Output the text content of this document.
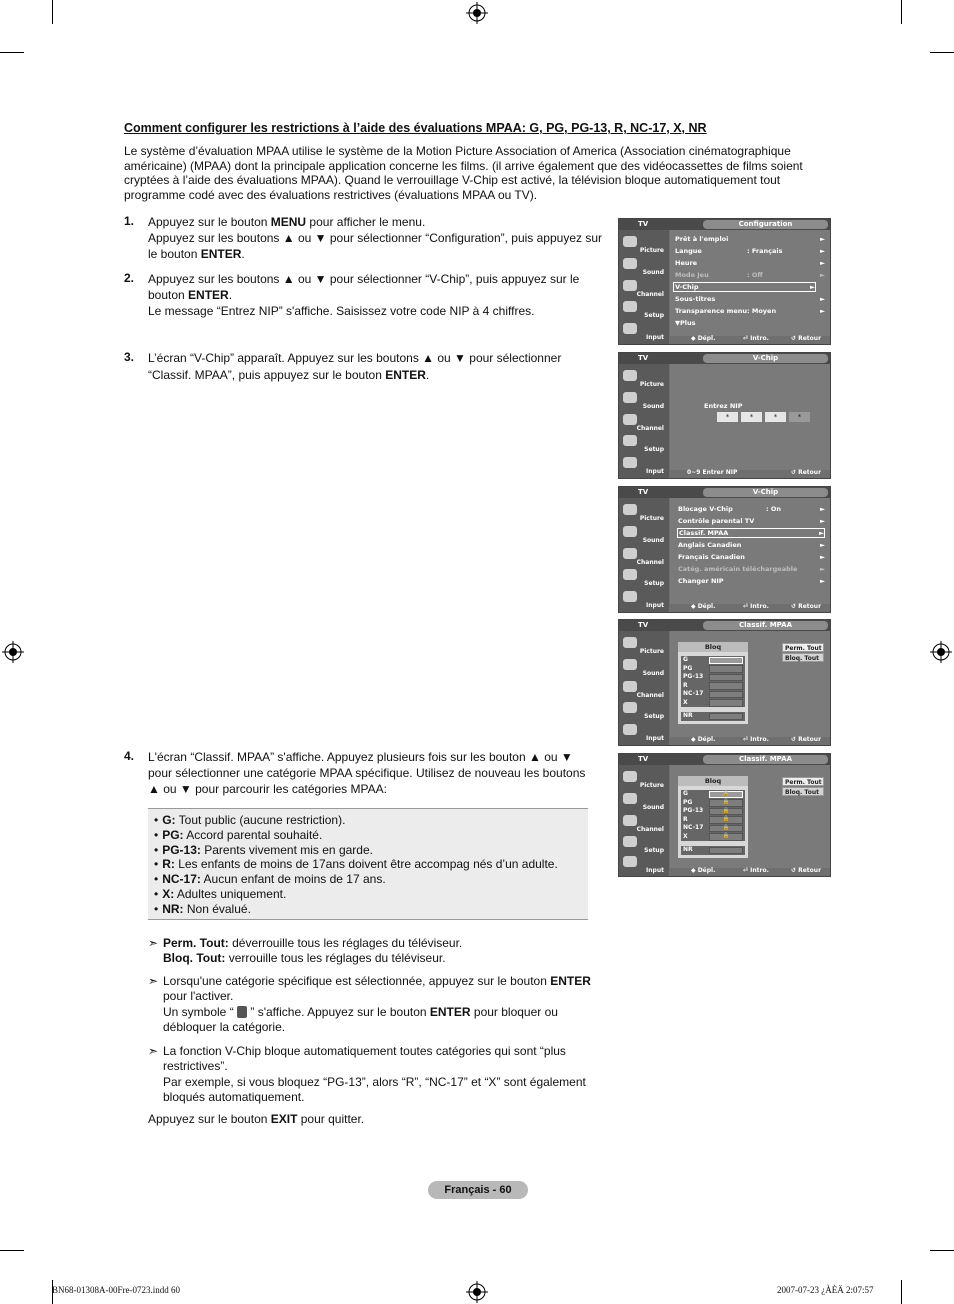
Comment configurer les restrictions à l’aide des évaluations MPAA: G, PG, PG-13, R, NC-17, X, NR
Le système d’évaluation MPAA utilise le système de la Motion Picture Association of America (Association cinématographique américaine) (MPAA) dont la principale application concerne les films. (il arrive également que des vidéocassettes de films soient cryptées à l’aide des évaluations MPAA). Quand le verrouillage V-Chip est activé, la télévision bloque automatiquement tout programme codé avec des évaluations restrictives (évaluations MPAA ou TV).
1. Appuyez sur le bouton MENU pour afficher le menu.
Appuyez sur les boutons ▲ ou ▼ pour sélectionner “Configuration”, puis appuyez sur le bouton ENTER.
2. Appuyez sur les boutons ▲ ou ▼ pour sélectionner “V-Chip”, puis appuyez sur le bouton ENTER.
Le message “Entrez NIP” s'affiche. Saisissez votre code NIP à 4 chiffres.
3. L’écran “V-Chip” apparaît. Appuyez sur les boutons ▲ ou ▼ pour sélectionner “Classif. MPAA”, puis appuyez sur le bouton ENTER.
4. L'écran “Classif. MPAA” s'affiche. Appuyez plusieurs fois sur les bouton ▲ ou ▼ pour sélectionner une catégorie MPAA spécifique. Utilisez de nouveau les boutons ▲ ou ▼ pour parcourir les catégories MPAA:
• G: Tout public (aucune restriction).
• PG: Accord parental souhaité.
• PG-13: Parents vivement mis en garde.
• R: Les enfants de moins de 17ans doivent être accompag nés d’un adulte.
• NC-17: Aucun enfant de moins de 17 ans.
• X: Adultes uniquement.
• NR: Non évalué.
➣ Perm. Tout: déverrouille tous les réglages du téléviseur.
Bloq. Tout: verrouille tous les réglages du téléviseur.
➣ Lorsqu'une catégorie spécifique est sélectionnée, appuyez sur le bouton ENTER pour l'activer.
Un symbole “  ” s'affiche. Appuyez sur le bouton ENTER pour bloquer ou débloquer la catégorie.
➣ La fonction V-Chip bloque automatiquement toutes catégories qui sont “plus restrictives”.
Par exemple, si vous bloquez “PG-13”, alors “R”, “NC-17” et “X” sont également bloqués automatiquement.
Appuyez sur le bouton EXIT pour quitter.
Français - 60
BN68-01308A-00Fre-0723.indd 60	2007-07-23 ¿ÀÈÄ 2:07:57
TV	Configuration
Picture
Sound
Channel
Setup
Input
Prêt à l'emploi	►
Langue	: Français	►
Heure	►
Mode Jeu	: Off	►
V-Chip	►
Sous-titres	►
Transparence menu : Moyen	►
▼Plus
◆ Dépl.	⏎ Intro.	↺ Retour
TV	V-Chip
Picture
Sound
Channel
Setup
Input
Entrez NIP
*	*	*	*
0~9 Entrer NIP	↺ Retour
TV	V-Chip
Picture
Sound
Channel
Setup
Input
Blocage V-Chip	: On	►
Contrôle parental TV	►
Classif. MPAA	►
Anglais Canadien	►
Français Canadien	►
Catég. américain téléchargeable	►
Changer NIP	►
◆ Dépl.	⏎ Intro.	↺ Retour
TV	Classif. MPAA
Picture
Sound
Channel
Setup
Input
Bloq
G
PG
PG-13
R
NC-17
X
NR
Perm. Tout
Bloq. Tout
◆ Dépl.	⏎ Intro.	↺ Retour
TV	Classif. MPAA
Picture
Sound
Channel
Setup
Input
Bloq
G	🔒
PG	🔒
PG-13	🔒
R	🔒
NC-17	🔒
X	🔒
NR
Perm. Tout
Bloq. Tout
◆ Dépl.	⏎ Intro.	↺ Retour
